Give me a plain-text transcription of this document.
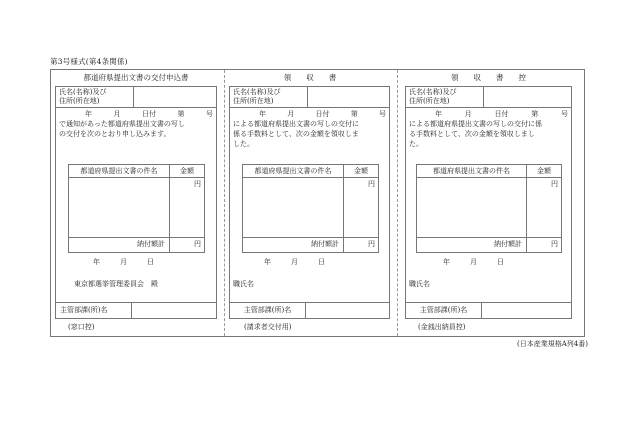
第3号様式(第4条関係)
都道府県提出文書の交付申込書
氏名(名称)及び
住所(所在地)
年	月	日付	第	号
で通知があった都道府県提出文書の写し
の交付を次のとおり申し込みます。
都道府県提出文書の件名	金額
円
納付額計	円
年	月	日
東京都選挙管理委員会　殿
主管部課(所)名
(窓口控)
領　　収　　書
氏名(名称)及び
住所(所在地)
年	月	日付	第	号
による都道府県提出文書の写しの交付に
係る手数料として、次の金額を領収しま
した。
都道府県提出文書の件名	金額
円
納付額計	円
年	月	日
職氏名
主管部課(所)名
(請求者交付用)
領　　収　　書　　控
氏名(名称)及び
住所(所在地)
年	月	日付	第	号
による都道府県提出文書の写しの交付に係
る手数料として、次の金額を領収しまし
た。
都道府県提出文書の件名	金額
円
納付額計	円
年	月	日
職氏名
主管部課(所)名
(金銭出納員控)
(日本産業規格A列4番)
